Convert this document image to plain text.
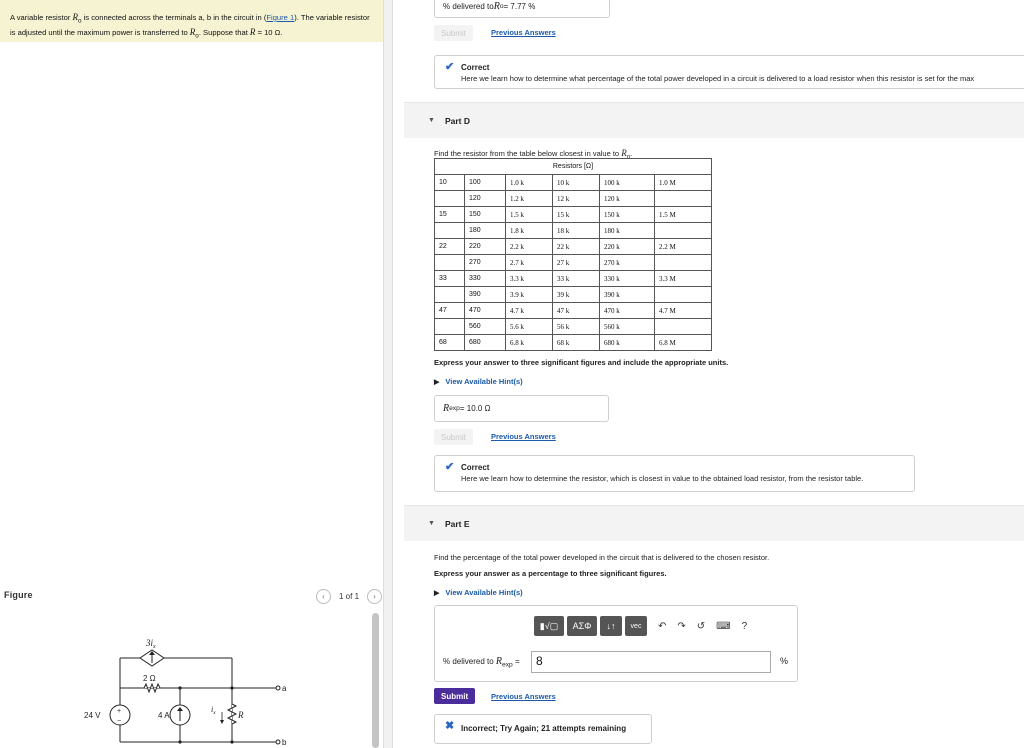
A variable resistor $R_o$ is connected across the terminals a, b in the circuit in (Figure 1). The variable resistor is adjusted until the maximum power is transferred to $R_o$. Suppose that R = 10 Ω.
Figure	‹ 1 of 1 ›
$3i_x$
2 Ω
24 V +
−
4 A
$i_x$ R
a
b
% delivered to R o = 7.77 %
Submit	Previous Answers
✔ Correct
Here we learn how to determine what percentage of the total power developed in a circuit is delivered to a load resistor when this resistor is set for the max
▼ Part D
Find the resistor from the table below closest in value to $R_o$.
Resistors [Ω]					
10	100	1.0 k	10 k	100 k	1.0 M
	120	1.2 k	12 k	120 k	
15	150	1.5 k	15 k	150 k	1.5 M
	180	1.8 k	18 k	180 k	
22	220	2.2 k	22 k	220 k	2.2 M
	270	2.7 k	27 k	270 k	
33	330	3.3 k	33 k	330 k	3.3 M
	390	3.9 k	39 k	390 k	
47	470	4.7 k	47 k	470 k	4.7 M
	560	5.6 k	56 k	560 k	
68	680	6.8 k	68 k	680 k	6.8 M
Express your answer to three significant figures and include the appropriate units.
▶ View Available Hint(s)
R exp = 10.0 Ω
Submit	Previous Answers
✔ Correct
Here we learn how to determine the resistor, which is closest in value to the obtained load resistor, from the resistor table.
▼ Part E
Find the percentage of the total power developed in the circuit that is delivered to the chosen resistor.
Express your answer as a percentage to three significant figures.
▶ View Available Hint(s)
▮√▢ ΑΣΦ ↓↑ vec ↶ ↷ ↺ ⌨ ?
% delivered to $R_{exp}$ =	8	%
Submit	Previous Answers
✖ Incorrect; Try Again; 21 attempts remaining
